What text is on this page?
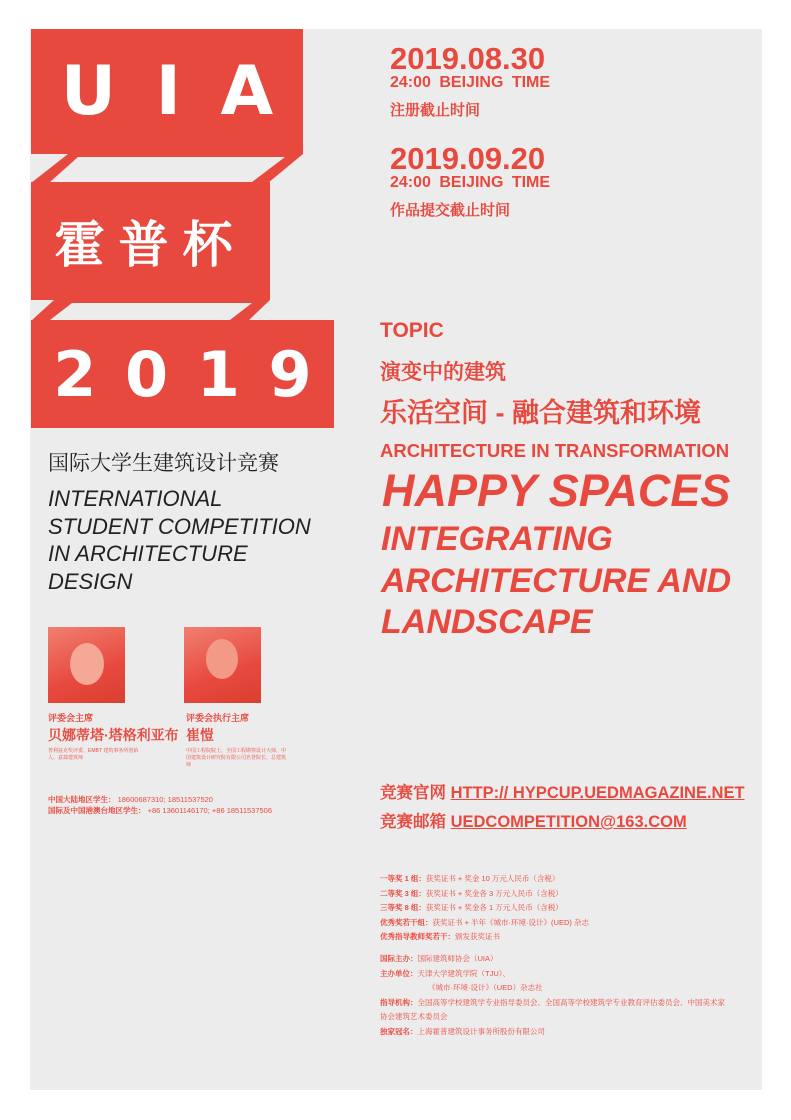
U I A
霍普杯
2 0 1 9
国际大学生建筑设计竞赛
INTERNATIONAL
STUDENT COMPETITION
IN ARCHITECTURE
DESIGN
评委会主席
贝娜蒂塔·塔格利亚布
普利兹克奖评委、EMBT 建筑事务所创始人、意裔建筑师
评委会执行主席
崔愷
中国工程院院士，全国工程勘察设计大师，中国建筑设计研究院有限公司名誉院长、总建筑师
中国大陆地区学生： 18600687310; 18511537520
国际及中国港澳台地区学生： +86 13601146170; +86 18511537506
2019.08.30
24:00 BEIJING TIME
注册截止时间
2019.09.20
24:00 BEIJING TIME
作品提交截止时间
TOPIC
演变中的建筑
乐活空间 - 融合建筑和环境
ARCHITECTURE IN TRANSFORMATION
HAPPY SPACES
INTEGRATING
ARCHITECTURE AND
LANDSCAPE
竞赛官网 HTTP:// HYPCUP.UEDMAGAZINE.NET
竞赛邮箱 UEDCOMPETITION@163.COM
一等奖 1 组：获奖证书 + 奖金 10 万元人民币（含税）
二等奖 3 组：获奖证书 + 奖金各 3 万元人民币（含税）
三等奖 8 组：获奖证书 + 奖金各 1 万元人民币（含税）
优秀奖若干组：获奖证书 + 半年《城市·环境·设计》(UED) 杂志
优秀指导教师奖若干：颁发获奖证书
国际主办：国际建筑师协会（UIA）
主办单位：天津大学建筑学院（TJU）、
《城市·环境·设计》（UED）杂志社
指导机构：全国高等学校建筑学专业指导委员会、全国高等学校建筑学专业教育评估委员会、中国美术家
协会建筑艺术委员会
独家冠名：上海霍普建筑设计事务所股份有限公司
